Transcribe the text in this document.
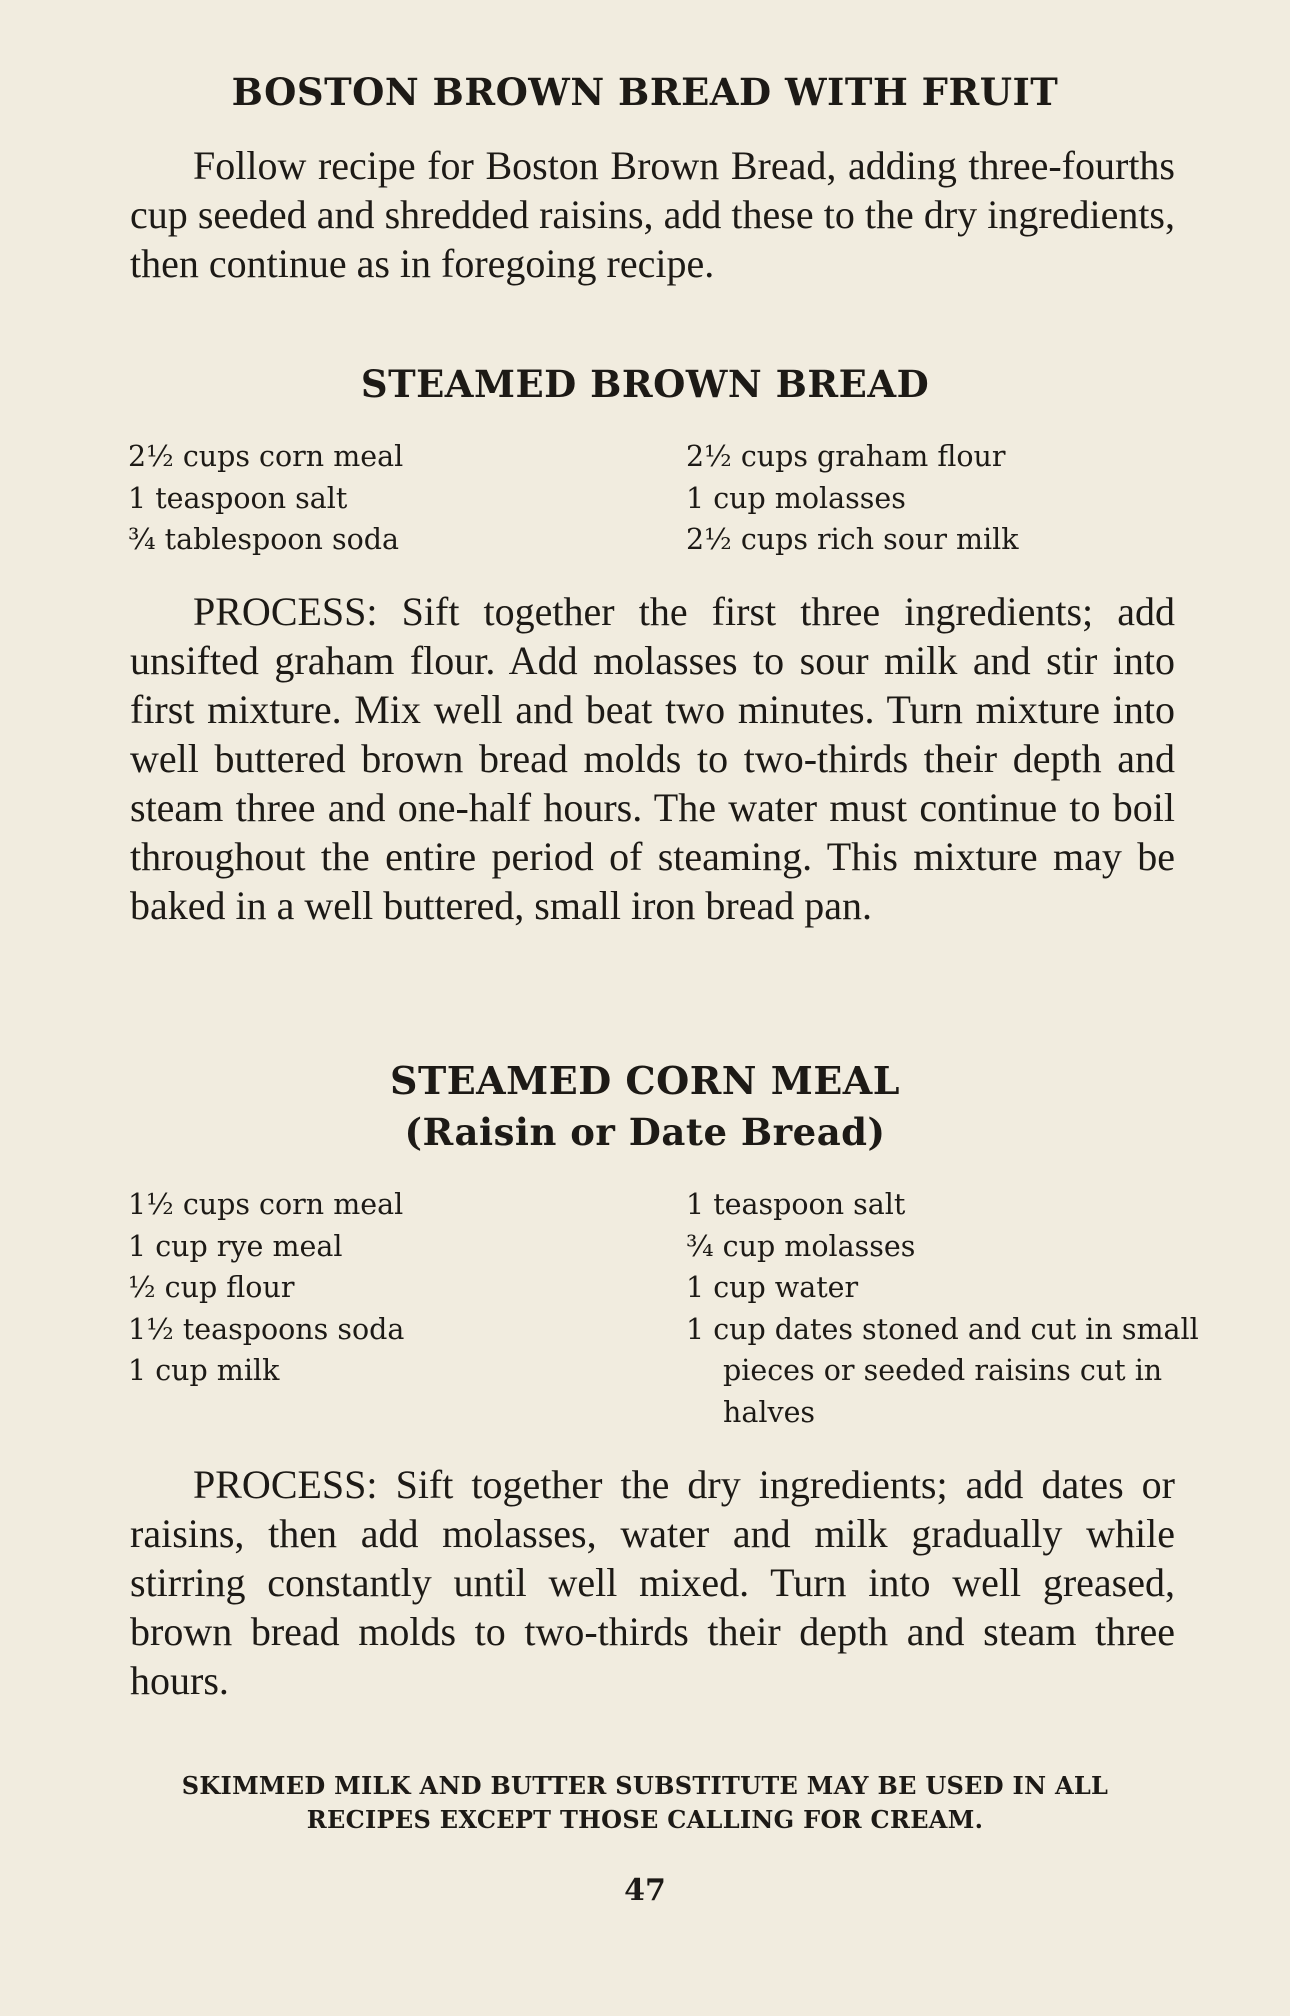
BOSTON BROWN BREAD WITH FRUIT

Follow recipe for Boston Brown Bread, adding three-fourths cup seeded and shredded raisins, add these to the dry ingredients, then continue as in foregoing recipe.

STEAMED BROWN BREAD
2½ cups corn meal
1 teaspoon salt
¾ tablespoon soda
2½ cups graham flour
1 cup molasses
2½ cups rich sour milk

PROCESS: Sift together the first three ingredients; add unsifted graham flour. Add molasses to sour milk and stir into first mixture. Mix well and beat two minutes. Turn mixture into well buttered brown bread molds to two-thirds their depth and steam three and one-half hours. The water must continue to boil throughout the entire period of steaming. This mixture may be baked in a well buttered, small iron bread pan.

STEAMED CORN MEAL
(Raisin or Date Bread)
1½ cups corn meal
1 cup rye meal
½ cup flour
1½ teaspoons soda
1 cup milk
1 teaspoon salt
¾ cup molasses
1 cup water
1 cup dates stoned and cut in small pieces or seeded raisins cut in halves

PROCESS: Sift together the dry ingredients; add dates or raisins, then add molasses, water and milk gradually while stirring constantly until well mixed. Turn into well greased, brown bread molds to two-thirds their depth and steam three hours.

SKIMMED MILK AND BUTTER SUBSTITUTE MAY BE USED IN ALL
RECIPES EXCEPT THOSE CALLING FOR CREAM.
47
